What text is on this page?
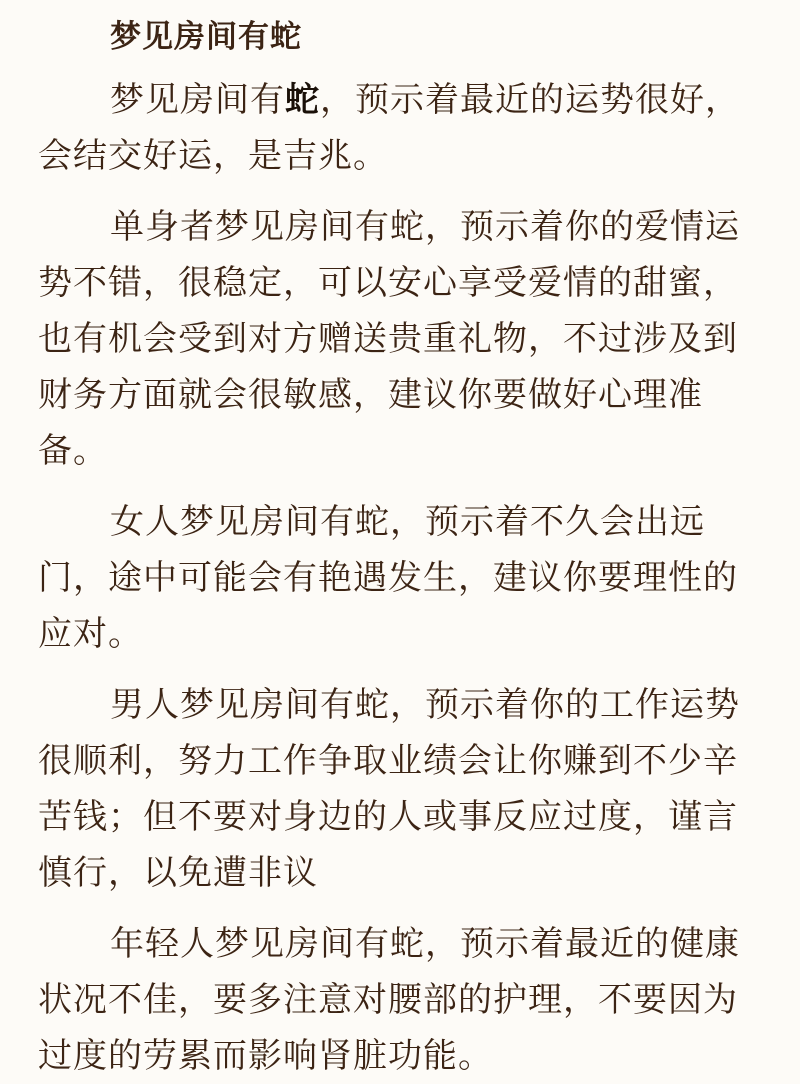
梦见房间有蛇

梦见房间有蛇，预示着最近的运势很好，会结交好运，是吉兆。

单身者梦见房间有蛇，预示着你的爱情运势不错，很稳定，可以安心享受爱情的甜蜜，也有机会受到对方赠送贵重礼物，不过涉及到财务方面就会很敏感，建议你要做好心理准备。

女人梦见房间有蛇，预示着不久会出远门，途中可能会有艳遇发生，建议你要理性的应对。

男人梦见房间有蛇，预示着你的工作运势很顺利，努力工作争取业绩会让你赚到不少辛苦钱；但不要对身边的人或事反应过度，谨言慎行，以免遭非议

年轻人梦见房间有蛇，预示着最近的健康状况不佳，要多注意对腰部的护理，不要因为过度的劳累而影响肾脏功能。
